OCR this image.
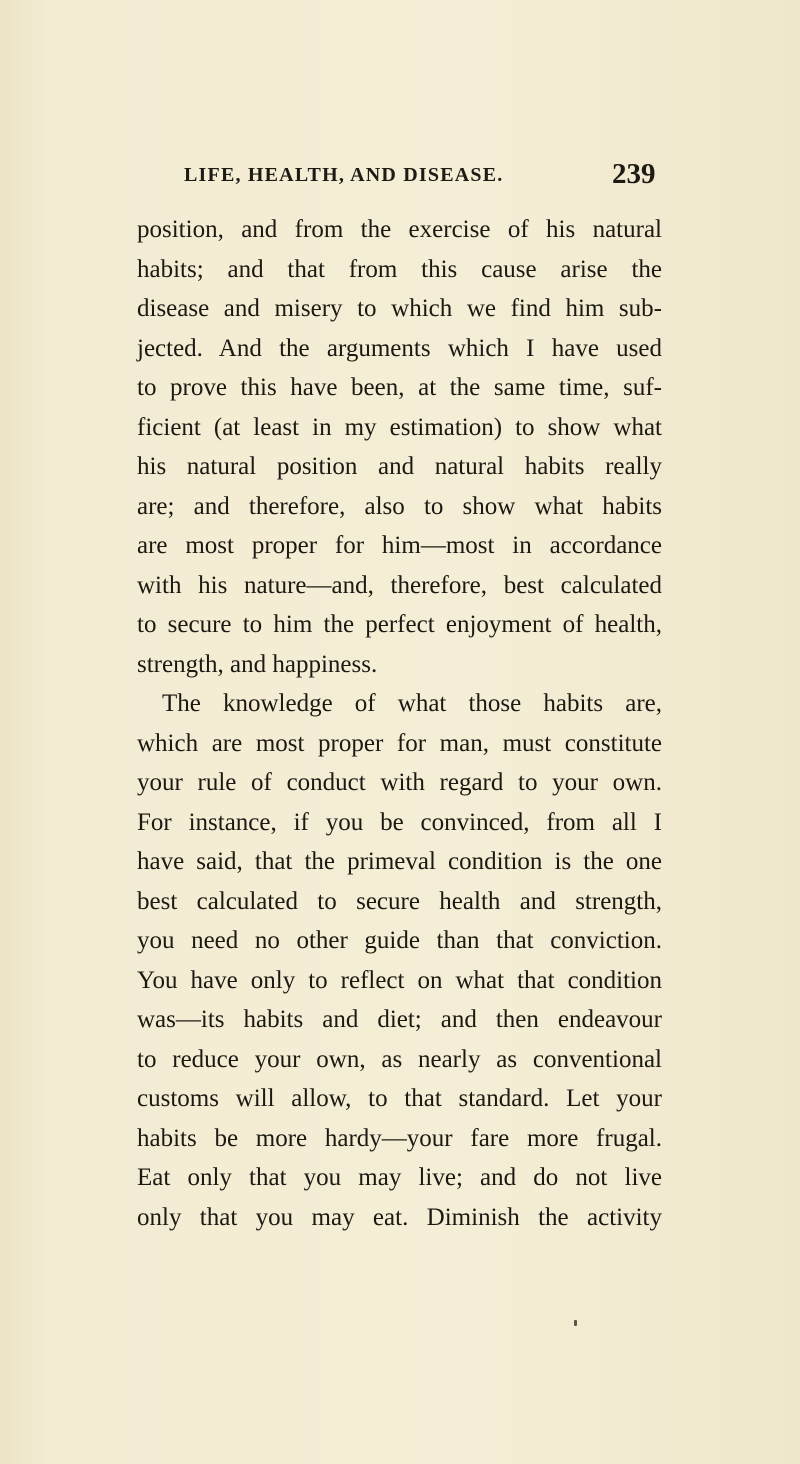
LIFE, HEALTH, AND DISEASE.	239
position, and from the exercise of his natural
habits; and that from this cause arise the
disease and misery to which we find him sub-
jected. And the arguments which I have used
to prove this have been, at the same time, suf-
ficient (at least in my estimation) to show what
his natural position and natural habits really
are; and therefore, also to show what habits
are most proper for him—most in accordance
with his nature—and, therefore, best calculated
to secure to him the perfect enjoyment of health,
strength, and happiness.
The knowledge of what those habits are,
which are most proper for man, must constitute
your rule of conduct with regard to your own.
For instance, if you be convinced, from all I
have said, that the primeval condition is the one
best calculated to secure health and strength,
you need no other guide than that conviction.
You have only to reflect on what that condition
was—its habits and diet; and then endeavour
to reduce your own, as nearly as conventional
customs will allow, to that standard. Let your
habits be more hardy—your fare more frugal.
Eat only that you may live; and do not live
only that you may eat. Diminish the activity
